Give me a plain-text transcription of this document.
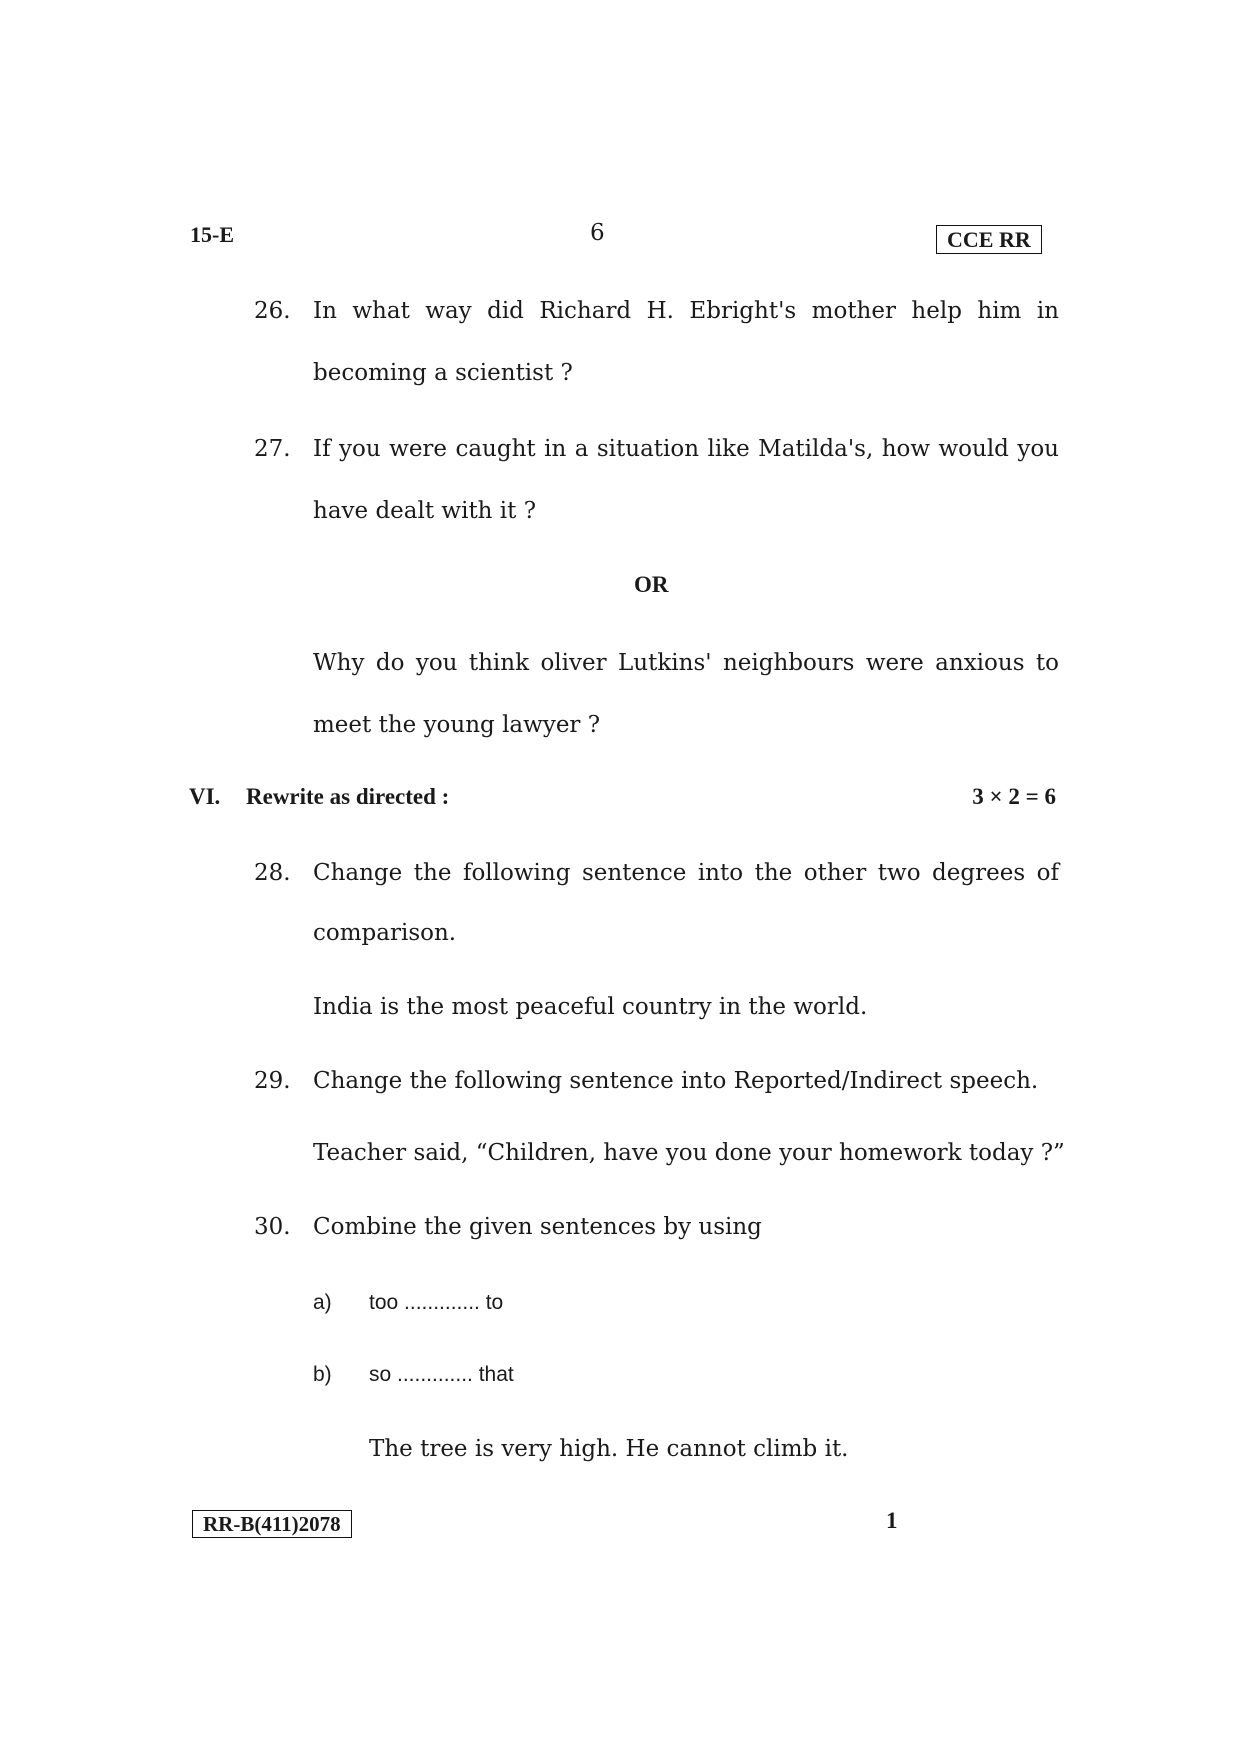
15-E	6	CCE RR
26. In what way did Richard H. Ebright's mother help him in
becoming a scientist ?
27. If you were caught in a situation like Matilda's, how would you
have dealt with it ?
OR
Why do you think oliver Lutkins' neighbours were anxious to
meet the young lawyer ?
VI. Rewrite as directed :	3 × 2 = 6
28. Change the following sentence into the other two degrees of
comparison.
India is the most peaceful country in the world.
29. Change the following sentence into Reported/Indirect speech.
Teacher said, “Children, have you done your homework today ?”
30. Combine the given sentences by using
a) too ............. to
b) so ............. that
The tree is very high. He cannot climb it.
RR-B(411)2078	1
